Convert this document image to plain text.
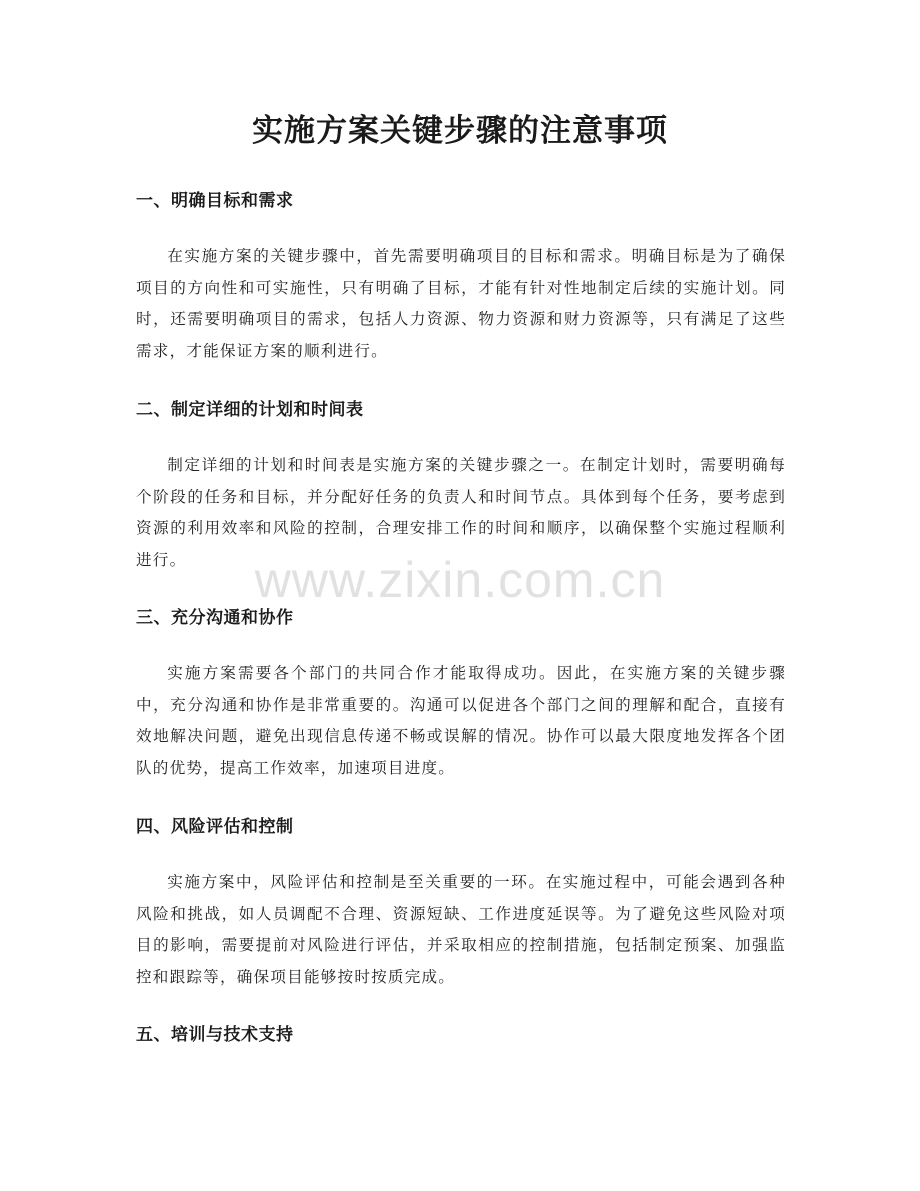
实施方案关键步骤的注意事项
一、明确目标和需求

在实施方案的关键步骤中，首先需要明确项目的目标和需求。明确目标是为了确保项目的方向性和可实施性，只有明确了目标，才能有针对性地制定后续的实施计划。同时，还需要明确项目的需求，包括人力资源、物力资源和财力资源等，只有满足了这些需求，才能保证方案的顺利进行。

二、制定详细的计划和时间表

制定详细的计划和时间表是实施方案的关键步骤之一。在制定计划时，需要明确每个阶段的任务和目标，并分配好任务的负责人和时间节点。具体到每个任务，要考虑到资源的利用效率和风险的控制，合理安排工作的时间和顺序，以确保整个实施过程顺利进行。

三、充分沟通和协作

实施方案需要各个部门的共同合作才能取得成功。因此，在实施方案的关键步骤中，充分沟通和协作是非常重要的。沟通可以促进各个部门之间的理解和配合，直接有效地解决问题，避免出现信息传递不畅或误解的情况。协作可以最大限度地发挥各个团队的优势，提高工作效率，加速项目进度。

四、风险评估和控制

实施方案中，风险评估和控制是至关重要的一环。在实施过程中，可能会遇到各种风险和挑战，如人员调配不合理、资源短缺、工作进度延误等。为了避免这些风险对项目的影响，需要提前对风险进行评估，并采取相应的控制措施，包括制定预案、加强监控和跟踪等，确保项目能够按时按质完成。

五、培训与技术支持
www.zixin.com.cn
